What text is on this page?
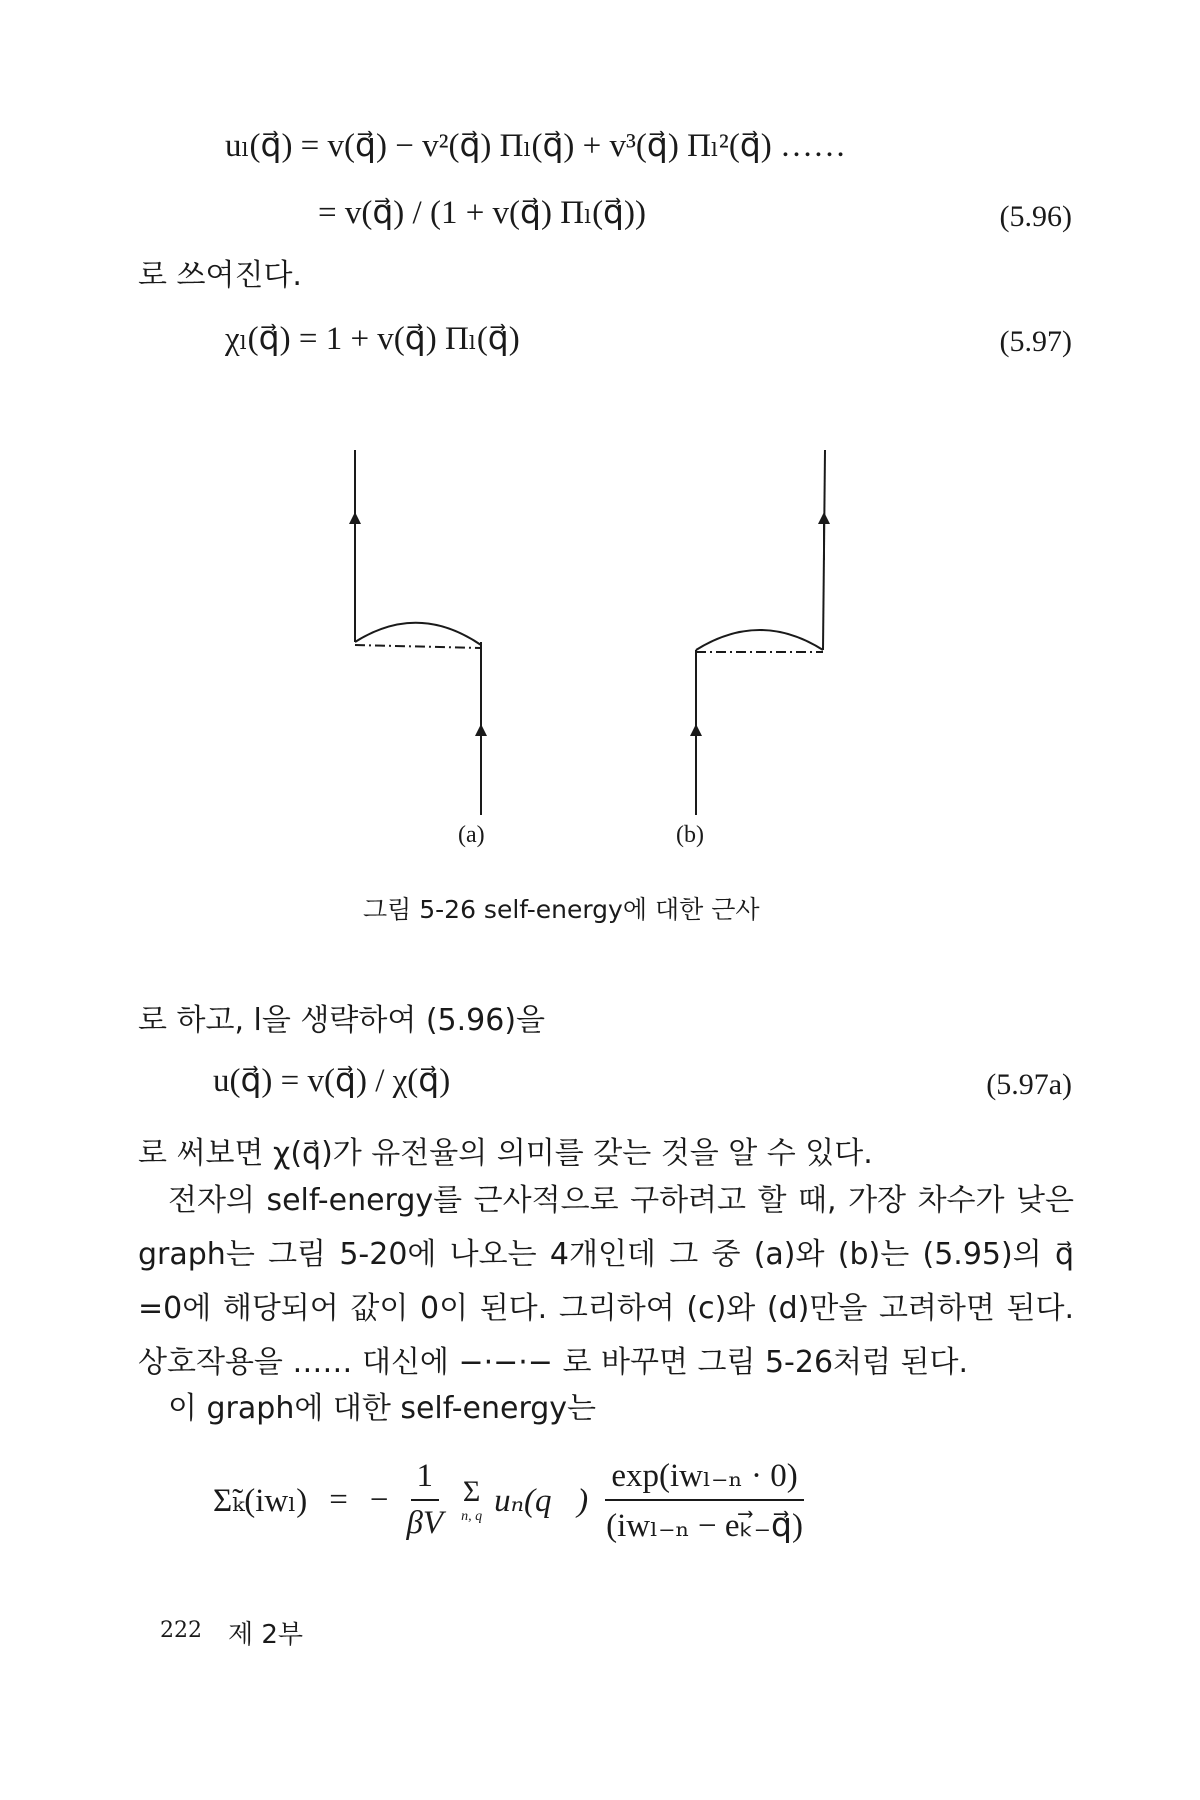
uₗ(q⃗) = v(q⃗) − v²(q⃗) Πₗ(q⃗) + v³(q⃗) Πₗ²(q⃗) ……
= v(q⃗) / (1 + v(q⃗) Πₗ(q⃗))	(5.96)
로 쓰여진다.
χₗ(q⃗) = 1 + v(q⃗) Πₗ(q⃗)	(5.97)
(a)	(b)
그림 5-26 self-energy에 대한 근사
로 하고, l을 생략하여 (5.96)을
u(q⃗) = v(q⃗) / χ(q⃗)	(5.97a)
로 써보면 χ(q⃗)가 유전율의 의미를 갖는 것을 알 수 있다.

전자의 self-energy를 근사적으로 구하려고 할 때, 가장 차수가 낮은

graph는 그림 5-20에 나오는 4개인데 그 중 (a)와 (b)는 (5.95)의 q⃗

=0에 해당되어 값이 0이 된다. 그리하여 (c)와 (d)만을 고려하면 된다.

상호작용을 …… 대신에 −·−·− 로 바꾸면 그림 5-26처럼 된다.

이 graph에 대한 self-energy는
Σ̃ₖ(iwₗ) = − $\frac{1}{\beta V}$ Σ
n, q uₙ(q⃗) $\frac{\text{exp(iwₗ₋ₙ · 0)}}{\text{(iwₗ₋ₙ − eₖ⃗₋q⃗)}}$
222 제 2부
